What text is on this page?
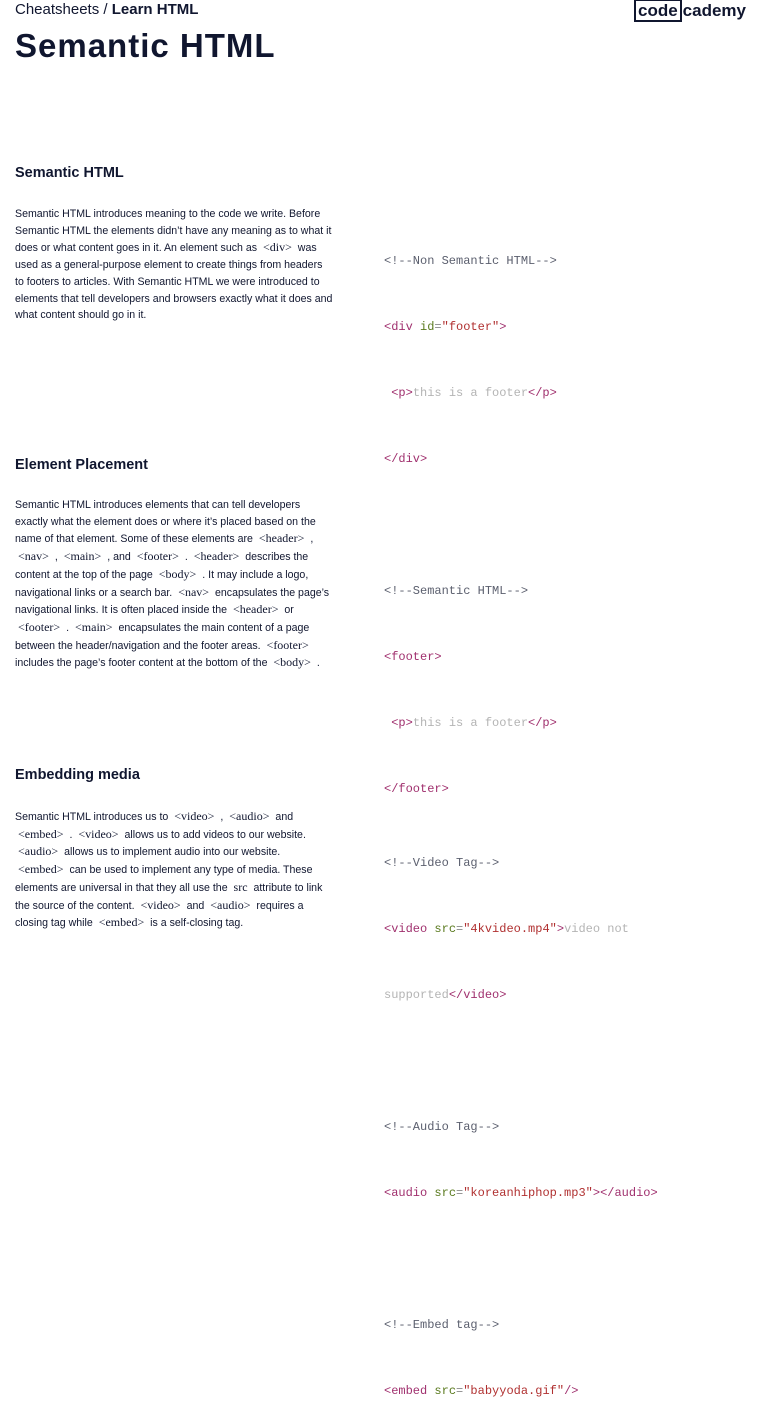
Cheatsheets / Learn HTML	code cademy
Semantic HTML
Semantic HTML

Semantic HTML introduces meaning to the code we write. Before Semantic HTML the elements didn’t have any meaning as to what it does or what content goes in it. An element such as <div> was used as a general-purpose element to create things from headers to footers to articles. With Semantic HTML we were introduced to elements that tell developers and browsers exactly what it does and what content should go in it.

<!--Non Semantic HTML-->

<div id="footer">

<p>this is a footer</p>

</div>

<!--Semantic HTML-->

<footer>

<p>this is a footer</p>

</footer>

Element Placement

Semantic HTML introduces elements that can tell developers exactly what the element does or where it’s placed based on the name of that element. Some of these elements are <header> , <nav> , <main> , and <footer> . <header> describes the content at the top of the page <body> . It may include a logo, navigational links or a search bar. <nav> encapsulates the page’s navigational links. It is often placed inside the <header> or <footer> . <main> encapsulates the main content of a page between the header/navigation and the footer areas. <footer> includes the page’s footer content at the bottom of the <body> .

Embedding media

Semantic HTML introduces us to <video> , <audio> and <embed> . <video> allows us to add videos to our website. <audio> allows us to implement audio into our website. <embed> can be used to implement any type of media. These elements are universal in that they all use the src attribute to link the source of the content. <video> and <audio> requires a closing tag while <embed> is a self-closing tag.

<!--Video Tag-->

<video src="4kvideo.mp4">video not

supported</video>

<!--Audio Tag-->

<audio src="koreanhiphop.mp3"></audio>

<!--Embed tag-->

<embed src="babyyoda.gif"/>
